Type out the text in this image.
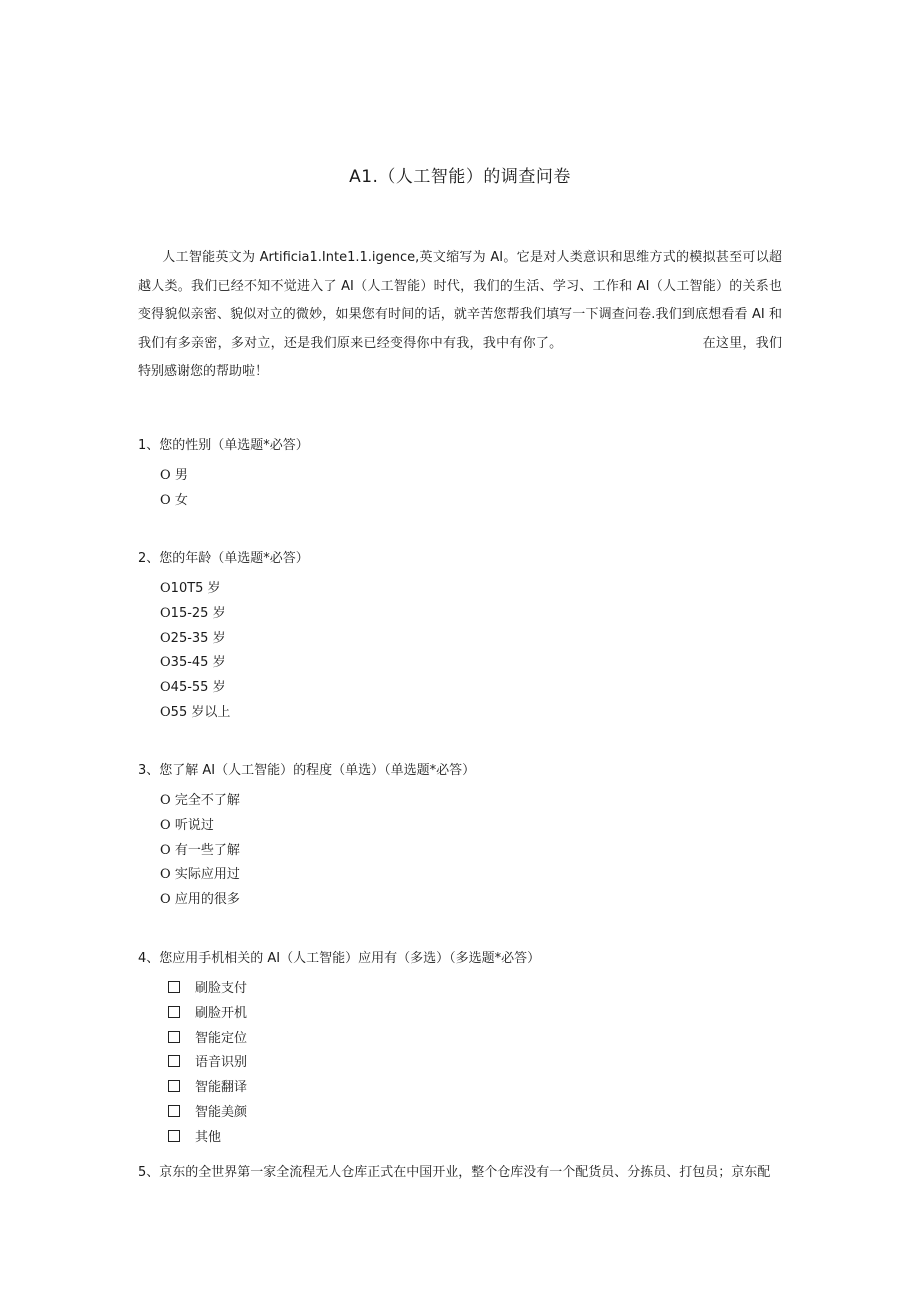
A1.（人工智能）的调查问卷

人工智能英文为 Artificia1.Inte1.1.igence,英文缩写为 AI。它是对人类意识和思维方式的模拟甚至可以超越人类。我们已经不知不觉进入了 AI（人工智能）时代，我们的生活、学习、工作和 AI（人工智能）的关系也变得貌似亲密、貌似对立的微妙，如果您有时间的话，就辛苦您帮我们填写一下调查问卷.我们到底想看看 AI 和我们有多亲密，多对立，还是我们原来已经变得你中有我，我中有你了。	在这里，我们特别感谢您的帮助啦！

1、您的性别（单选题*必答）
O 男
O 女
2、您的年龄（单选题*必答）
O10T5 岁
O15-25 岁
O25-35 岁
O35-45 岁
O45-55 岁
O55 岁以上
3、您了解 AI（人工智能）的程度（单选）（单选题*必答）
O 完全不了解
O 听说过
O 有一些了解
O 实际应用过
O 应用的很多
4、您应用手机相关的 AI（人工智能）应用有（多选）（多选题*必答）
刷脸支付
刷脸开机
智能定位
语音识别
智能翻译
智能美颜
其他
5、京东的全世界第一家全流程无人仓库正式在中国开业，整个仓库没有一个配货员、分拣员、打包员；京东配
